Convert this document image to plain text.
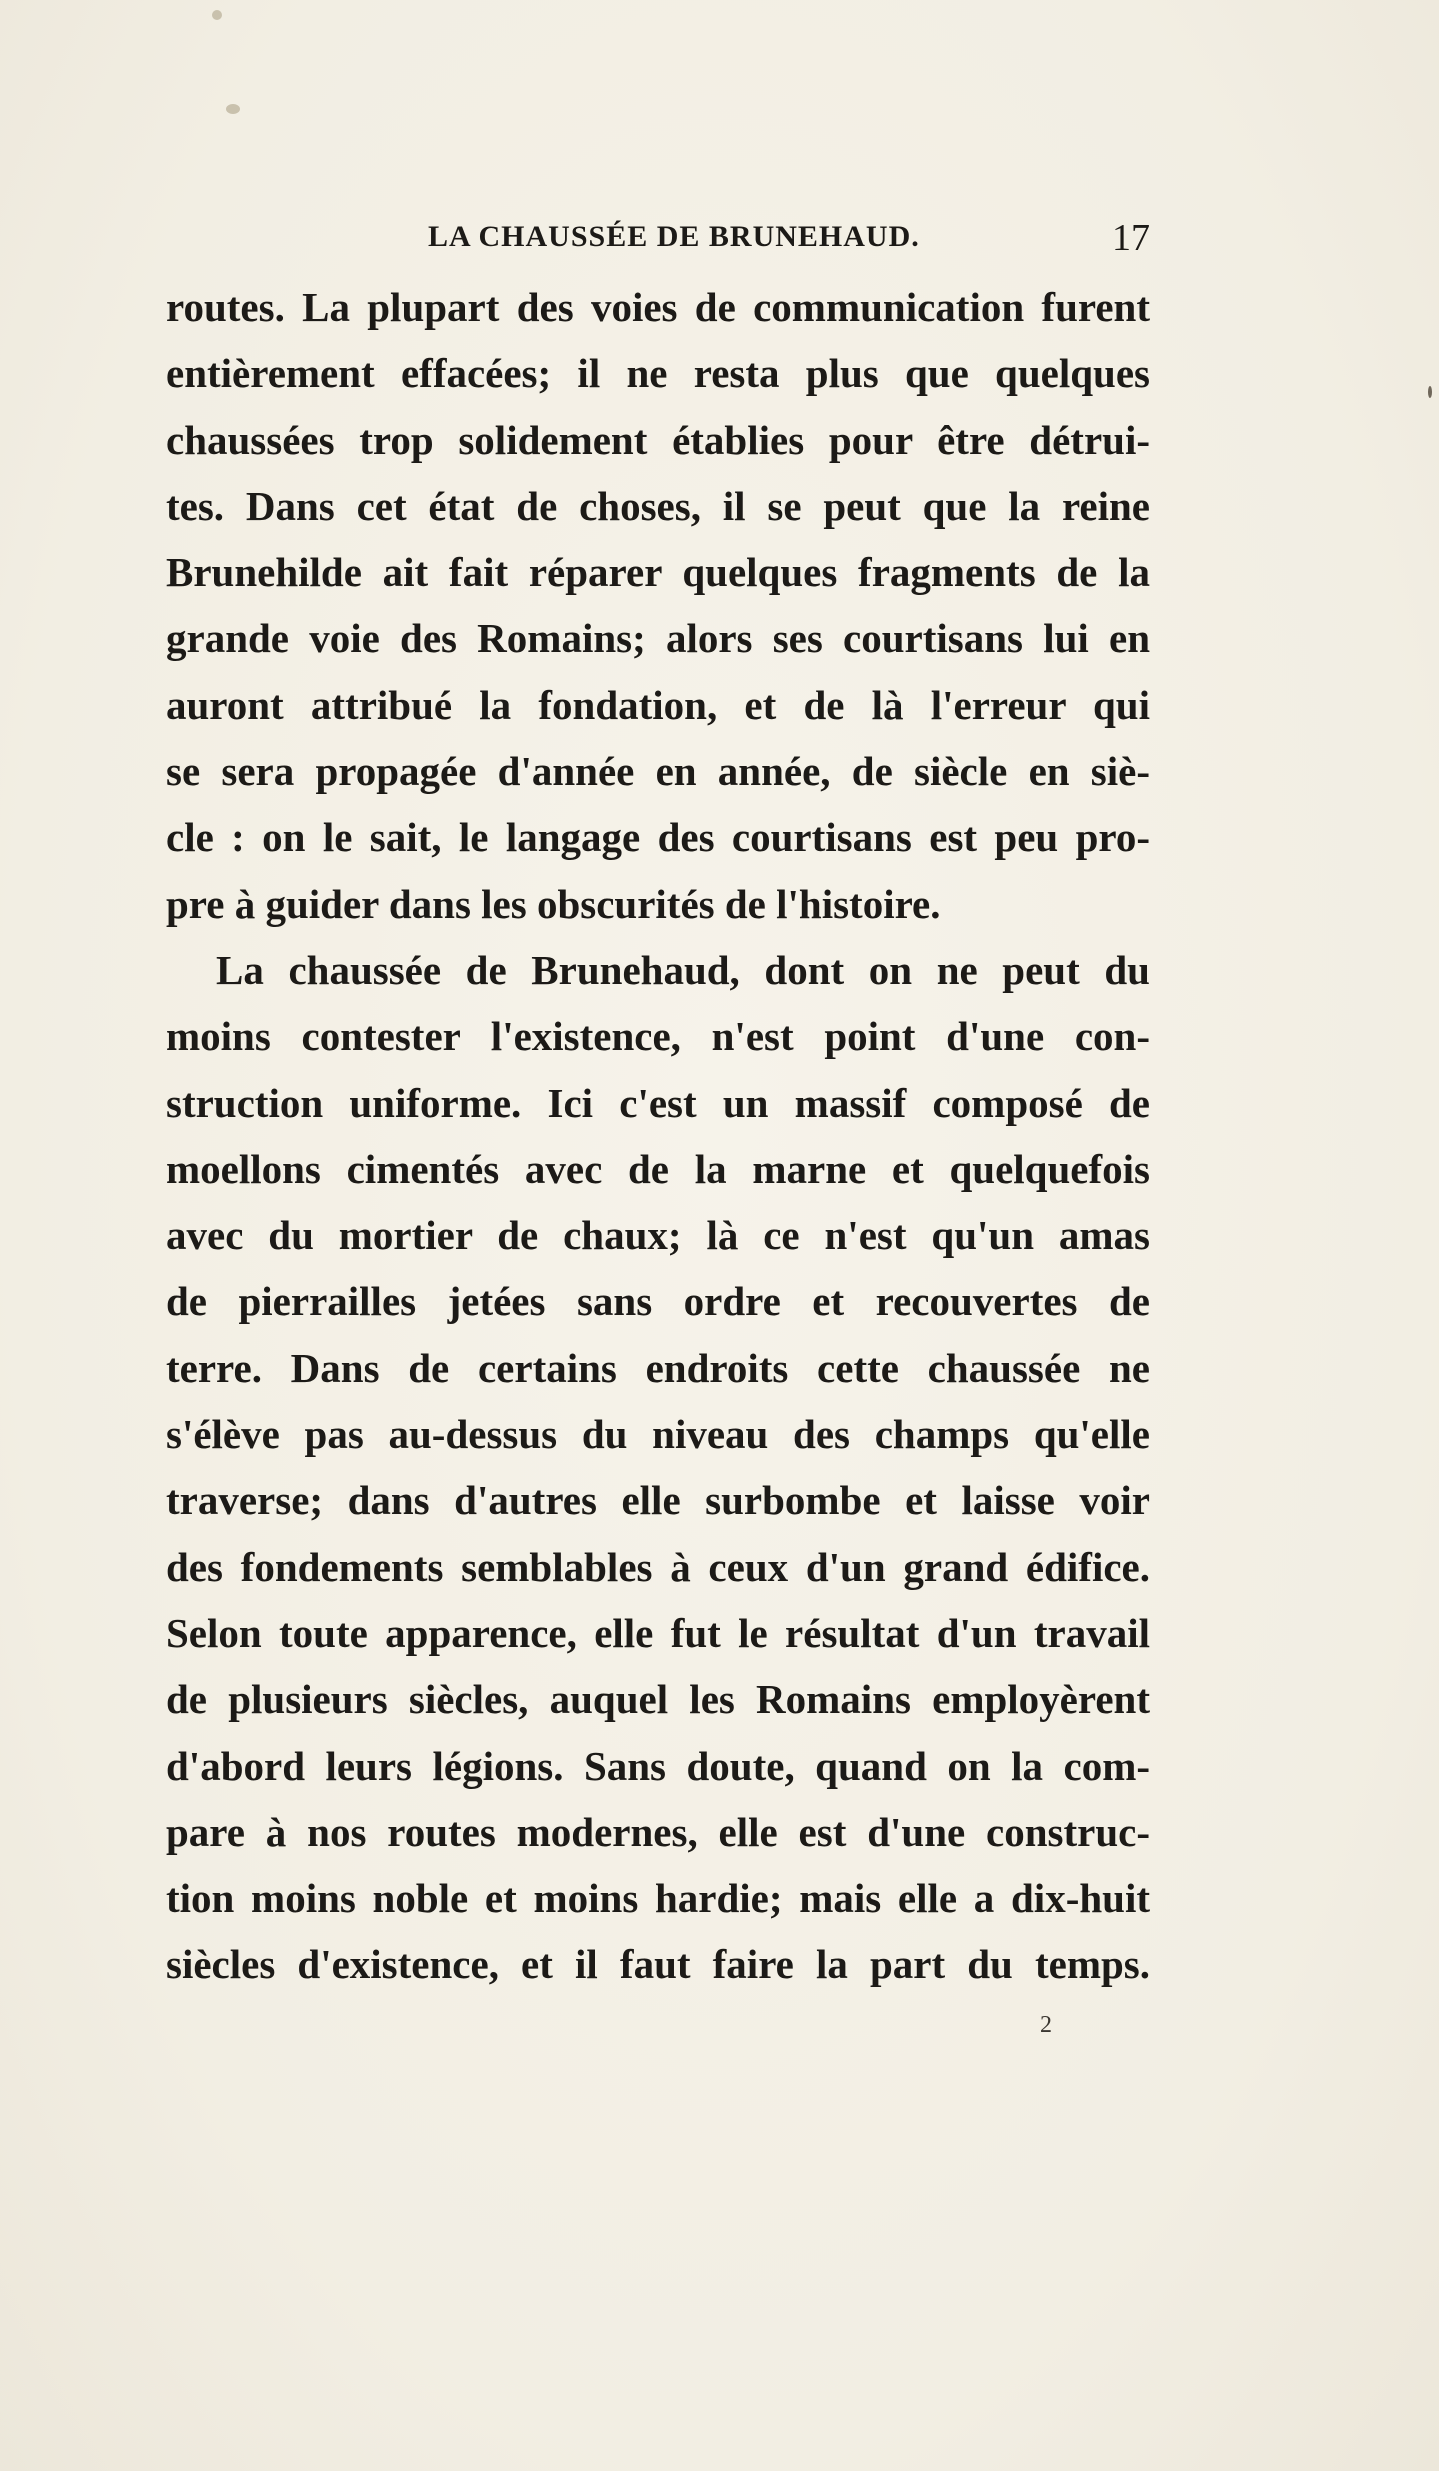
LA CHAUSSÉE DE BRUNEHAUD.	17
routes. La plupart des voies de communication furent
entièrement effacées; il ne resta plus que quelques
chaussées trop solidement établies pour être détrui-
tes. Dans cet état de choses, il se peut que la reine
Brunehilde ait fait réparer quelques fragments de la
grande voie des Romains; alors ses courtisans lui en
auront attribué la fondation, et de là l'erreur qui
se sera propagée d'année en année, de siècle en siè-
cle : on le sait, le langage des courtisans est peu pro-
pre à guider dans les obscurités de l'histoire.
La chaussée de Brunehaud, dont on ne peut du
moins contester l'existence, n'est point d'une con-
struction uniforme. Ici c'est un massif composé de
moellons cimentés avec de la marne et quelquefois
avec du mortier de chaux; là ce n'est qu'un amas
de pierrailles jetées sans ordre et recouvertes de
terre. Dans de certains endroits cette chaussée ne
s'élève pas au-dessus du niveau des champs qu'elle
traverse; dans d'autres elle surbombe et laisse voir
des fondements semblables à ceux d'un grand édifice.
Selon toute apparence, elle fut le résultat d'un travail
de plusieurs siècles, auquel les Romains employèrent
d'abord leurs légions. Sans doute, quand on la com-
pare à nos routes modernes, elle est d'une construc-
tion moins noble et moins hardie; mais elle a dix-huit
siècles d'existence, et il faut faire la part du temps.
2
